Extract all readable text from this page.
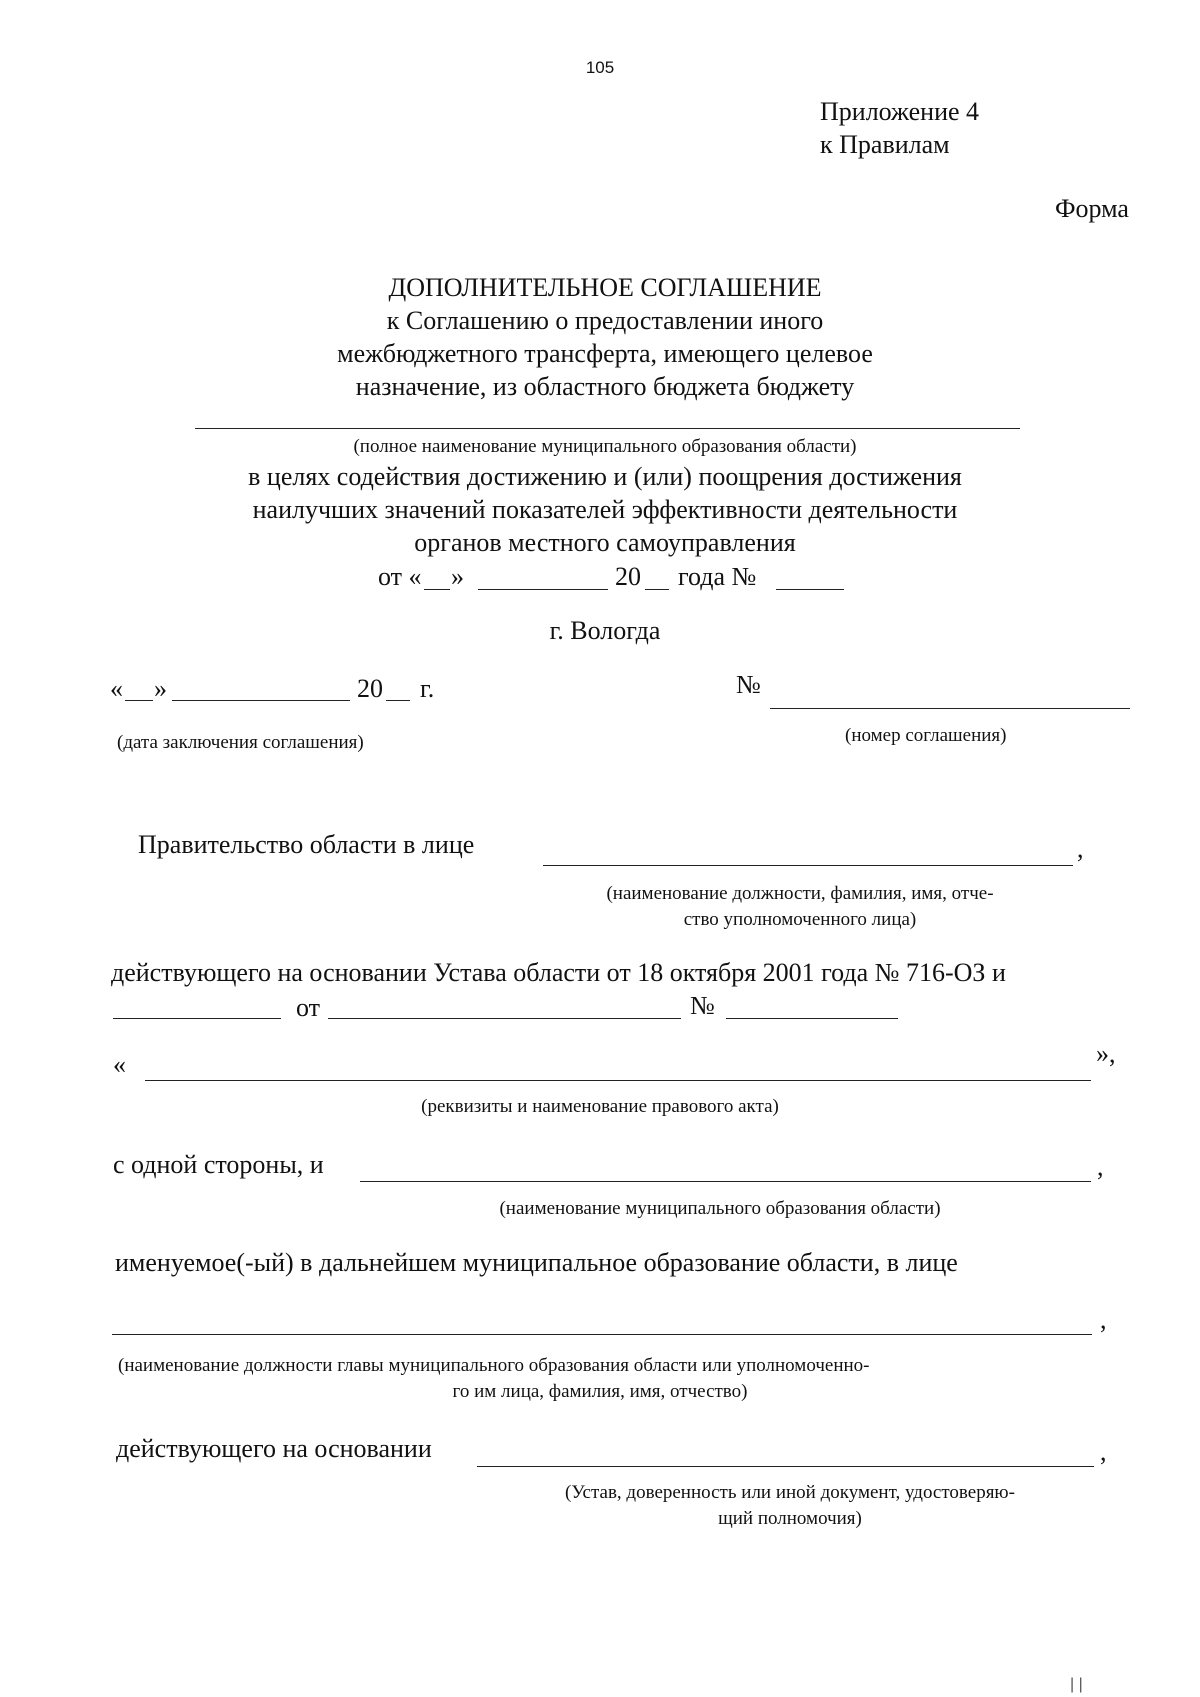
105
Приложение 4
к Правилам
Форма
ДОПОЛНИТЕЛЬНОЕ СОГЛАШЕНИЕ
к Соглашению о предоставлении иного
межбюджетного трансферта, имеющего целевое
назначение, из областного бюджета бюджету
(полное наименование муниципального образования области)
в целях содействия достижению и (или) поощрения достижения
наилучших значений показателей эффективности деятельности
органов местного самоуправления
от « »	20 года №
г. Вологда
« »	20 г.	№
(дата заключения соглашения)	(номер соглашения)
Правительство области в лице	,
(наименование должности, фамилия, имя, отче-
ство уполномоченного лица)
действующего на основании Устава области от 18 октября 2001 года № 716-ОЗ и
от	№
«	»,
(реквизиты и наименование правового акта)
с одной стороны, и	,
(наименование муниципального образования области)
именуемое(-ый) в дальнейшем муниципальное образование области, в лице
,
(наименование должности главы муниципального образования области или уполномоченно-
го им лица, фамилия, имя, отчество)
действующего на основании	,
(Устав, доверенность или иной документ, удостоверяю-
щий полномочия)
| |
